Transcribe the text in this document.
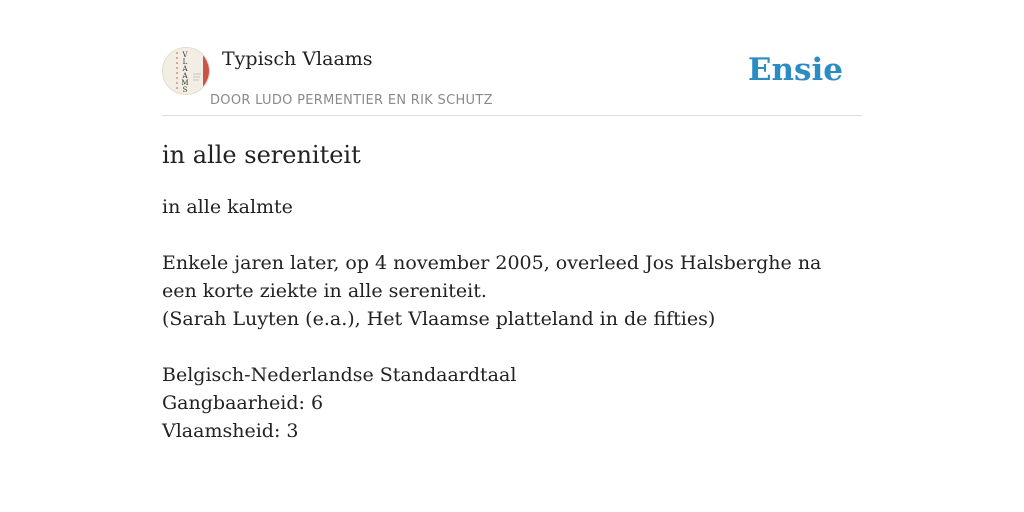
V
L
A
A
M
S
Typisch Vlaams
DOOR LUDO PERMENTIER EN RIK SCHUTZ
Ensie
in alle sereniteit

in alle kalmte

Enkele jaren later, op 4 november 2005, overleed Jos Halsberghe na een korte ziekte in alle sereniteit.

(Sarah Luyten (e.a.), Het Vlaamse platteland in de fifties)

Belgisch-Nederlandse Standaardtaal

Gangbaarheid: 6

Vlaamsheid: 3
